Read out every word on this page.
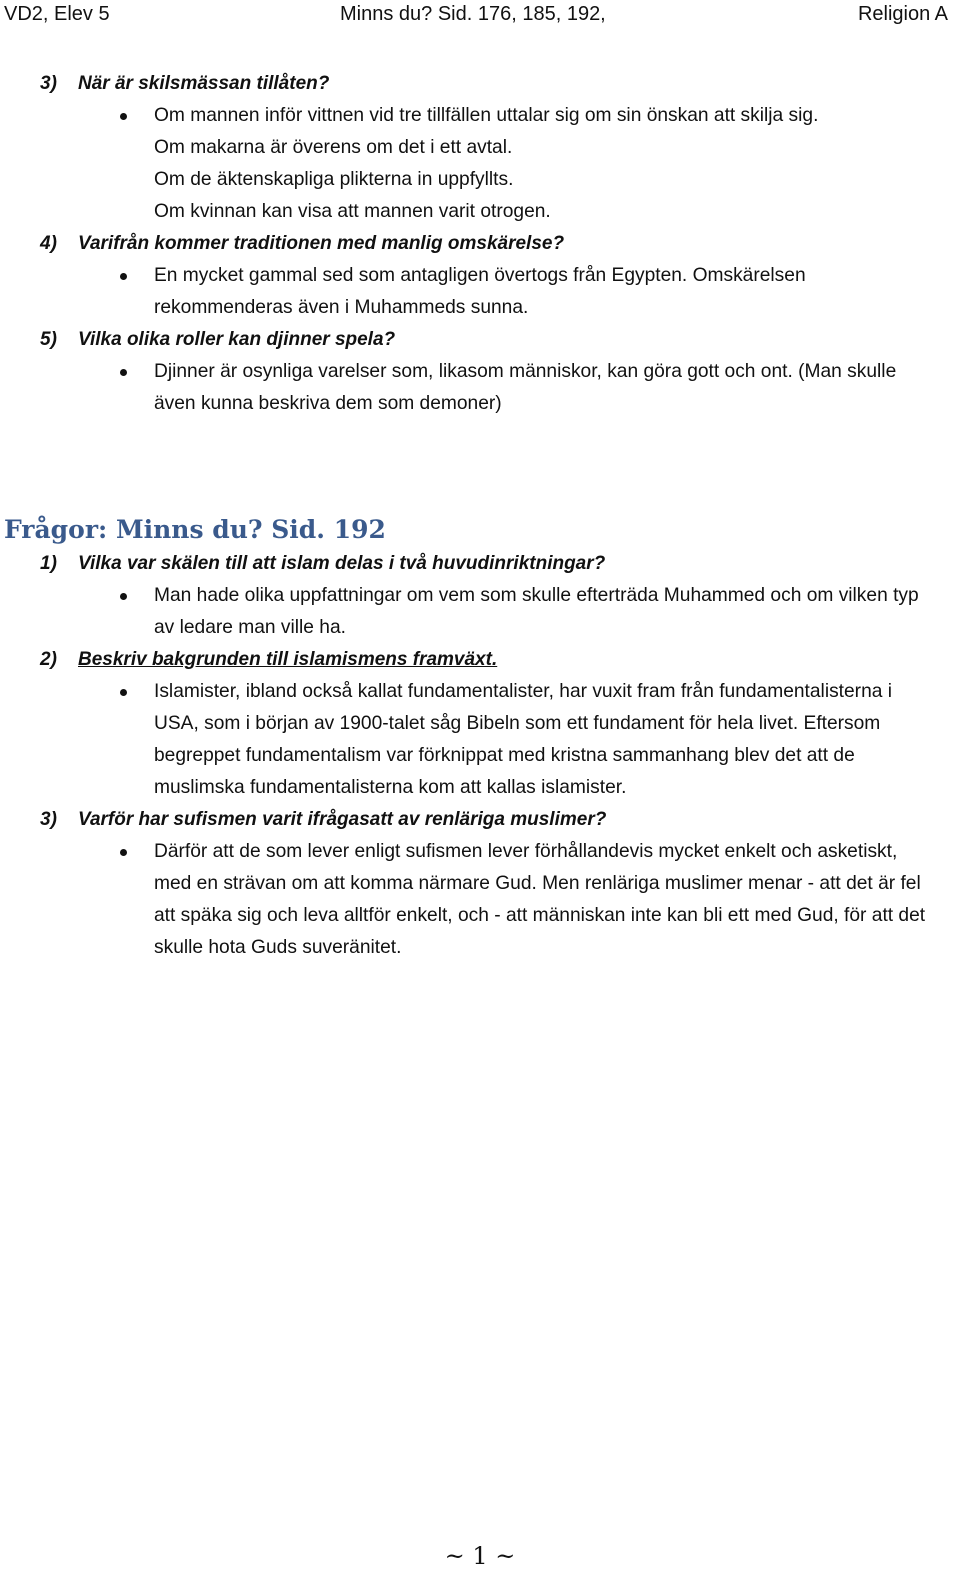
VD2, Elev 5	Minns du? Sid. 176, 185, 192,	Religion A
3) När är skilsmässan tillåten?
Om mannen inför vittnen vid tre tillfällen uttalar sig om sin önskan att skilja sig.
Om makarna är överens om det i ett avtal.
Om de äktenskapliga plikterna in uppfyllts.
Om kvinnan kan visa att mannen varit otrogen.
4) Varifrån kommer traditionen med manlig omskärelse?
En mycket gammal sed som antagligen övertogs från Egypten. Omskärelsen rekommenderas även i Muhammeds sunna.
5) Vilka olika roller kan djinner spela?
Djinner är osynliga varelser som, likasom människor, kan göra gott och ont. (Man skulle även kunna beskriva dem som demoner)
Frågor: Minns du? Sid. 192
1) Vilka var skälen till att islam delas i två huvudinriktningar?
Man hade olika uppfattningar om vem som skulle efterträda Muhammed och om vilken typ av ledare man ville ha.
2) Beskriv bakgrunden till islamismens framväxt.
Islamister, ibland också kallat fundamentalister, har vuxit fram från fundamentalisterna i USA, som i början av 1900-talet såg Bibeln som ett fundament för hela livet. Eftersom begreppet fundamentalism var förknippat med kristna sammanhang blev det att de muslimska fundamentalisterna kom att kallas islamister.
3) Varför har sufismen varit ifrågasatt av renläriga muslimer?
Därför att de som lever enligt sufismen lever förhållandevis mycket enkelt och asketiskt, med en strävan om att komma närmare Gud. Men renläriga muslimer menar - att det är fel att späka sig och leva alltför enkelt, och - att människan inte kan bli ett med Gud, för att det skulle hota Guds suveränitet.
~ 1 ~
